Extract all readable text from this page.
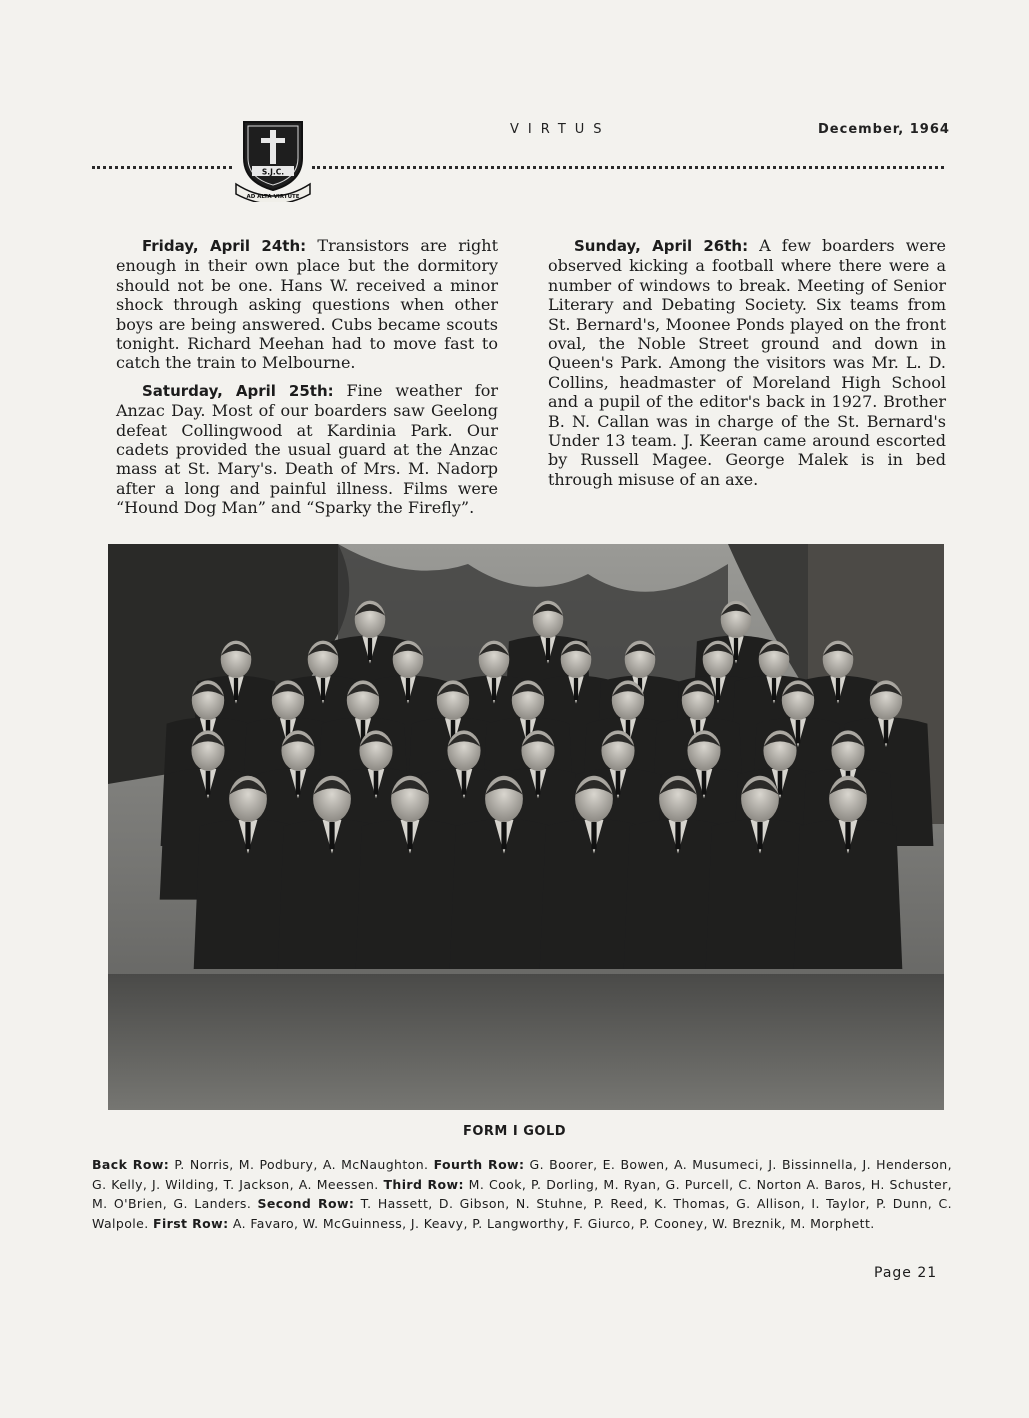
S.J.C.
AD ALTA VIRTUTE
VIRTUS	December, 1964

Friday, April 24th: Transistors are right enough in their own place but the dormitory should not be one. Hans W. received a minor shock through asking questions when other boys are being answered. Cubs became scouts tonight. Richard Meehan had to move fast to catch the train to Melbourne.

Saturday, April 25th: Fine weather for Anzac Day. Most of our boarders saw Geelong defeat Collingwood at Kardinia Park. Our cadets provided the usual guard at the Anzac mass at St. Mary's. Death of Mrs. M. Nadorp after a long and painful illness. Films were “Hound Dog Man” and “Sparky the Firefly”.

Sunday, April 26th: A few boarders were observed kicking a football where there were a number of windows to break. Meeting of Senior Literary and Debating Society. Six teams from St. Bernard's, Moonee Ponds played on the front oval, the Noble Street ground and down in Queen's Park. Among the visitors was Mr. L. D. Collins, headmaster of Moreland High School and a pupil of the editor's back in 1927. Brother B. N. Callan was in charge of the St. Bernard's Under 13 team. J. Keeran came around escorted by Russell Magee. George Malek is in bed through misuse of an axe.

FORM I GOLD
Back Row: P. Norris, M. Podbury, A. McNaughton. Fourth Row: G. Boorer, E. Bowen, A. Musumeci, J. Bissinnella, J. Henderson, G. Kelly, J. Wilding, T. Jackson, A. Meessen. Third Row: M. Cook, P. Dorling, M. Ryan, G. Purcell, C. Norton A. Baros, H. Schuster, M. O'Brien, G. Landers. Second Row: T. Hassett, D. Gibson, N. Stuhne, P. Reed, K. Thomas, G. Allison, I. Taylor, P. Dunn, C. Walpole. First Row: A. Favaro, W. McGuinness, J. Keavy, P. Langworthy, F. Giurco, P. Cooney, W. Breznik, M. Morphett.
Page 21
